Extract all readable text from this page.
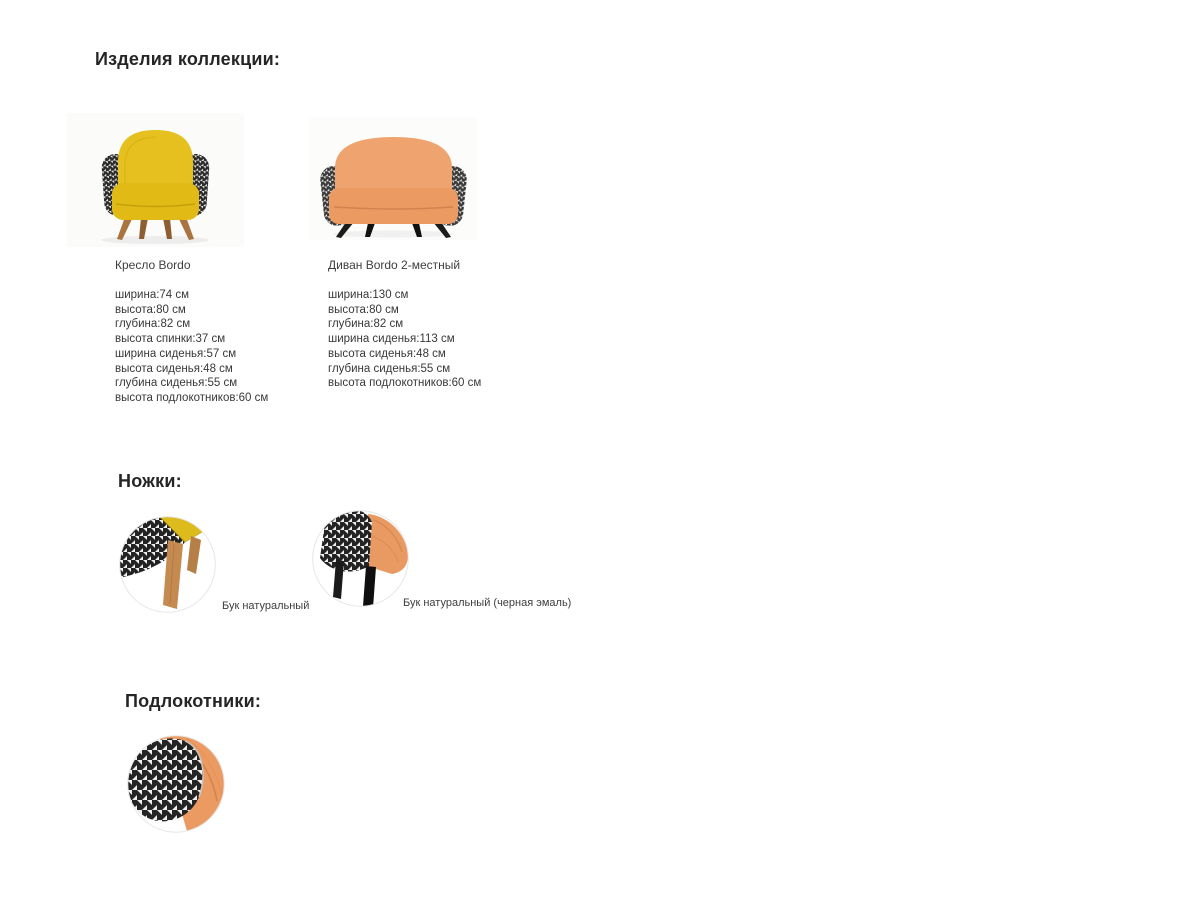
Изделия коллекции:
Кресло Bordo	Диван Bordo 2-местный
ширина:74 см
высота:80 см
глубина:82 см
высота спинки:37 см
ширина сиденья:57 см
высота сиденья:48 см
глубина сиденья:55 см
высота подлокотников:60 см
ширина:130 см
высота:80 см
глубина:82 см
ширина сиденья:113 см
высота сиденья:48 см
глубина сиденья:55 см
высота подлокотников:60 см
Ножки:
Бук натуральный	Бук натуральный (черная эмаль)
Подлокотники:
